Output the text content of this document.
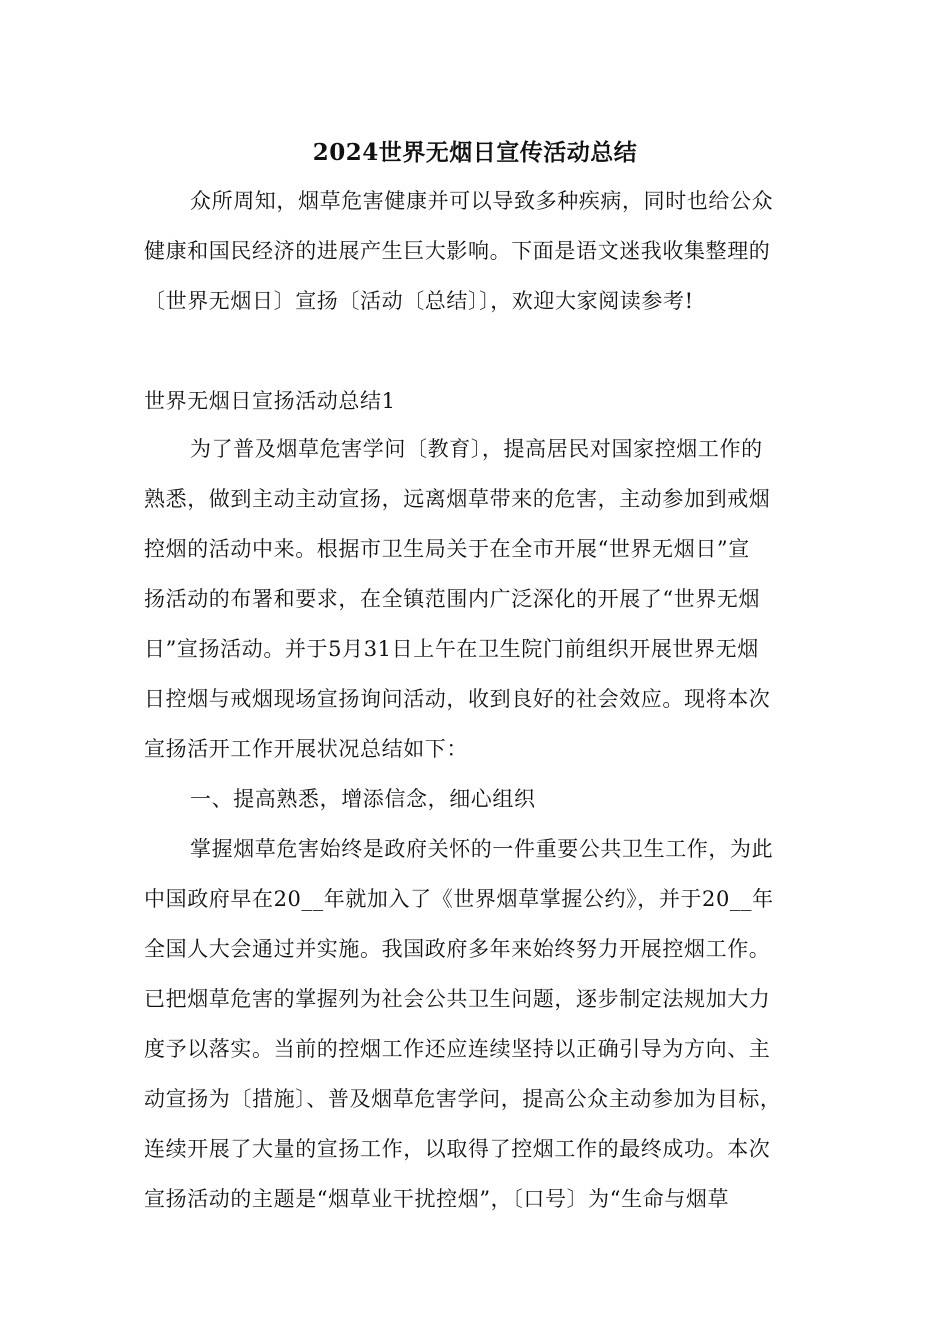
2024世界无烟日宣传活动总结
众所周知，烟草危害健康并可以导致多种疾病，同时也给公众
健康和国民经济的进展产生巨大影响。下面是语文迷我收集整理的
〔世界无烟日〕宣扬〔活动〔总结〕〕，欢迎大家阅读参考!
世界无烟日宣扬活动总结1
为了普及烟草危害学问〔教育〕，提高居民对国家控烟工作的
熟悉，做到主动主动宣扬，远离烟草带来的危害，主动参加到戒烟
控烟的活动中来。根据市卫生局关于在全市开展“世界无烟日”宣
扬活动的布署和要求，在全镇范围内广泛深化的开展了“世界无烟
日”宣扬活动。并于5月31日上午在卫生院门前组织开展世界无烟
日控烟与戒烟现场宣扬询问活动，收到良好的社会效应。现将本次
宣扬活开工作开展状况总结如下：
一、提高熟悉，增添信念，细心组织
掌握烟草危害始终是政府关怀的一件重要公共卫生工作，为此
中国政府早在20__年就加入了《世界烟草掌握公约》，并于20__年
全国人大会通过并实施。我国政府多年来始终努力开展控烟工作。
已把烟草危害的掌握列为社会公共卫生问题，逐步制定法规加大力
度予以落实。当前的控烟工作还应连续坚持以正确引导为方向、主
动宣扬为〔措施〕、普及烟草危害学问，提高公众主动参加为目标，
连续开展了大量的宣扬工作，以取得了控烟工作的最终成功。本次
宣扬活动的主题是“烟草业干扰控烟”，〔口号〕为“生命与烟草
